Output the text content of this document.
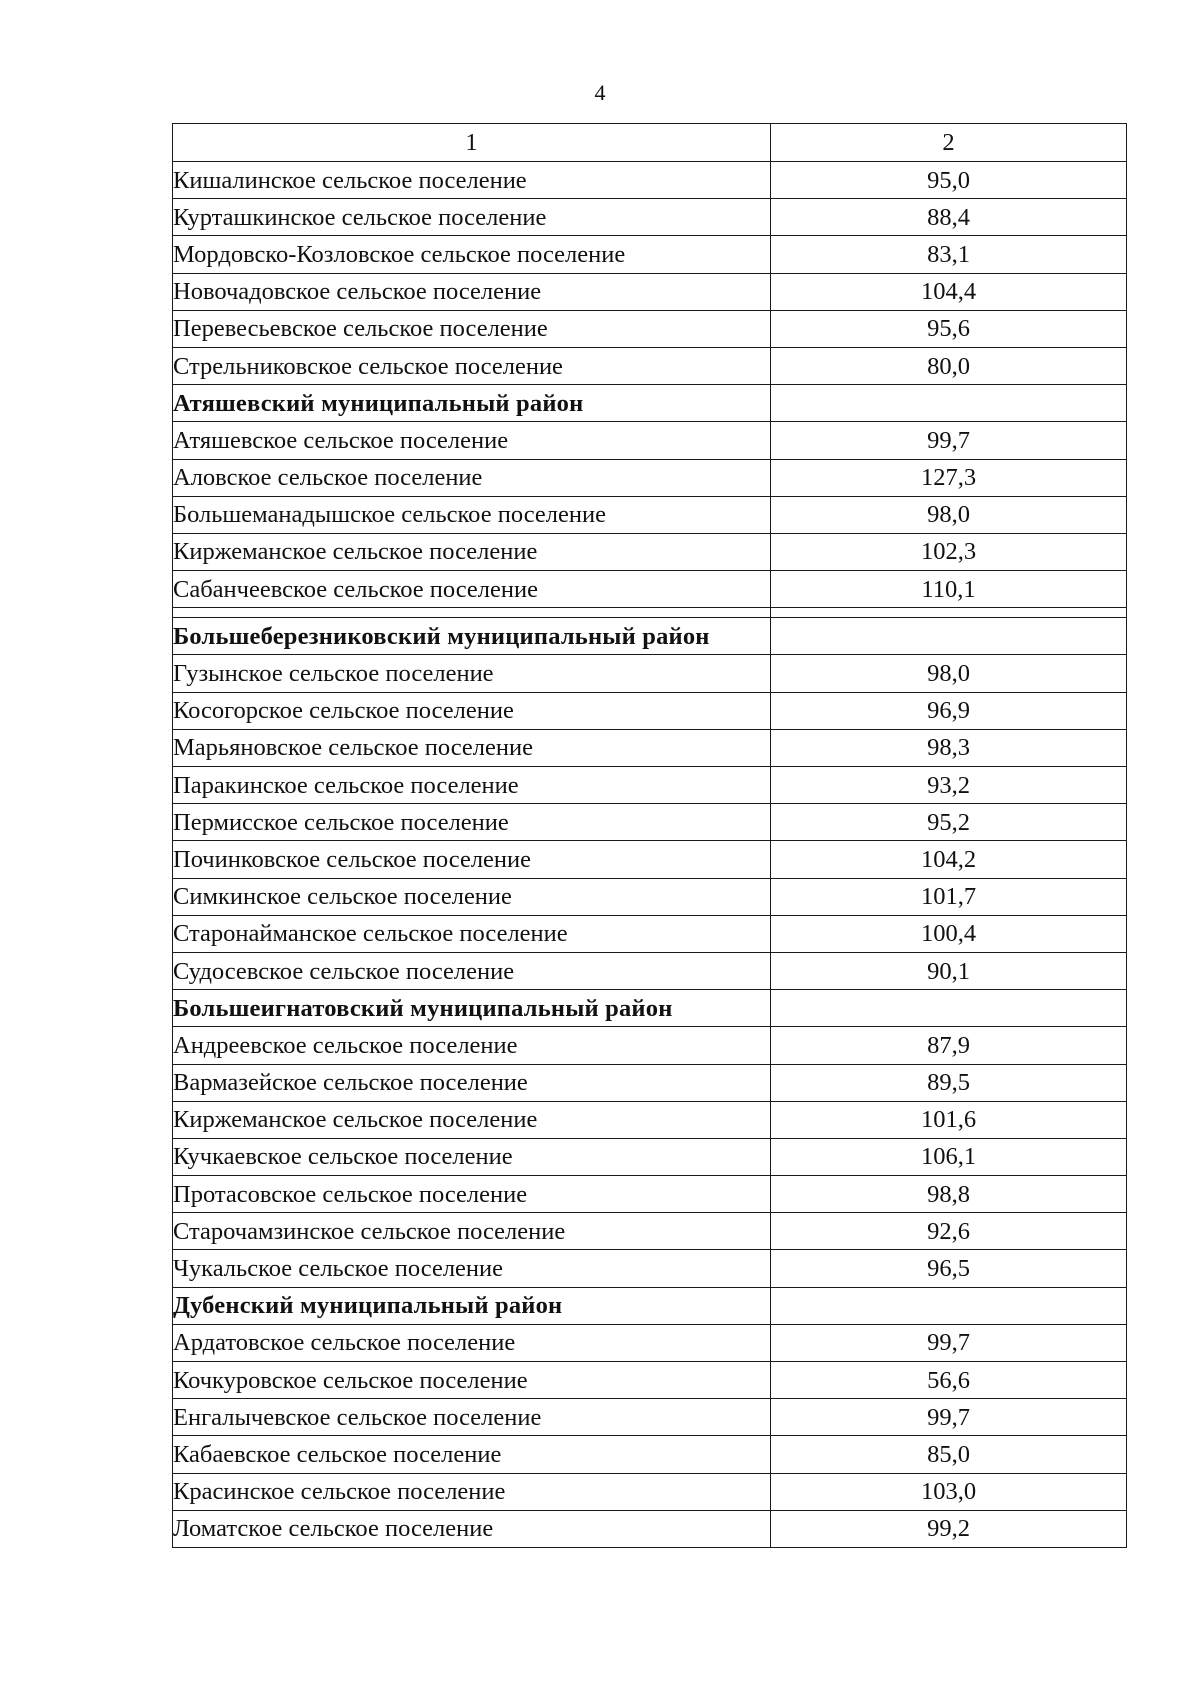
4
1	2
Кишалинское сельское поселение	95,0
Курташкинское сельское поселение	88,4
Мордовско-Козловское сельское поселение	83,1
Новочадовское сельское поселение	104,4
Перевесьевское сельское поселение	95,6
Стрельниковское сельское поселение	80,0
Атяшевский муниципальный район	
Атяшевское сельское поселение	99,7
Аловское сельское поселение	127,3
Большеманадышское сельское поселение	98,0
Киржеманское сельское поселение	102,3
Сабанчеевское сельское поселение	110,1

Большеберезниковский муниципальный район	
Гузынское сельское поселение	98,0
Косогорское сельское поселение	96,9
Марьяновское сельское поселение	98,3
Паракинское сельское поселение	93,2
Пермисское сельское поселение	95,2
Починковское сельское поселение	104,2
Симкинское сельское поселение	101,7
Старонайманское сельское поселение	100,4
Судосевское сельское поселение	90,1
Большеигнатовский муниципальный район	
Андреевское сельское поселение	87,9
Вармазейское сельское поселение	89,5
Киржеманское сельское поселение	101,6
Кучкаевское сельское поселение	106,1
Протасовское сельское поселение	98,8
Старочамзинское сельское поселение	92,6
Чукальское сельское поселение	96,5
Дубенский муниципальный район	
Ардатовское сельское поселение	99,7
Кочкуровское сельское поселение	56,6
Енгалычевское сельское поселение	99,7
Кабаевское сельское поселение	85,0
Красинское сельское поселение	103,0
Ломатское сельское поселение	99,2
